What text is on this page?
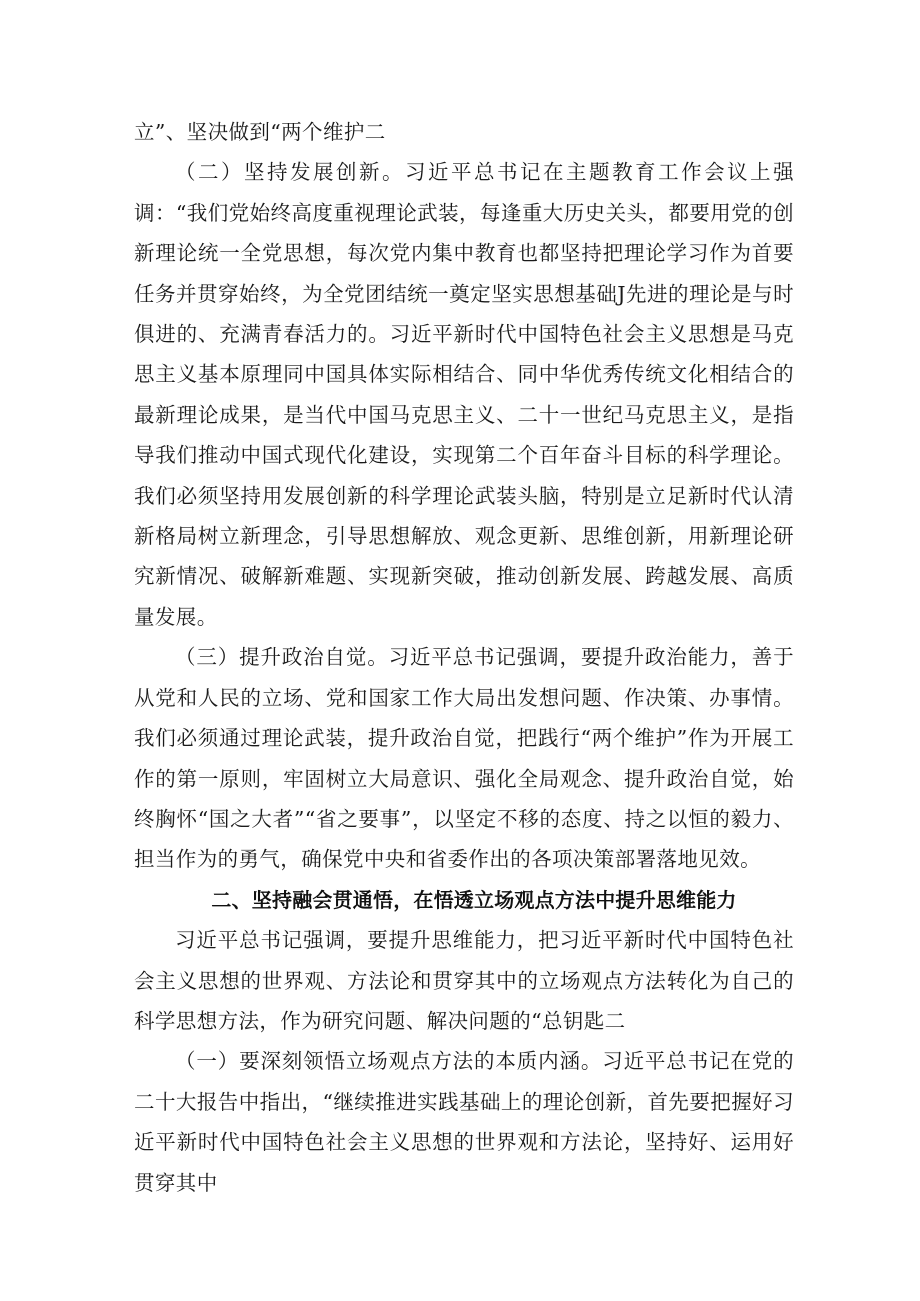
立”、坚决做到“两个维护二

（二）坚持发展创新。习近平总书记在主题教育工作会议上强调：“我们党始终高度重视理论武装，每逢重大历史关头，都要用党的创新理论统一全党思想，每次党内集中教育也都坚持把理论学习作为首要任务并贯穿始终，为全党团结统一奠定坚实思想基础J先进的理论是与时俱进的、充满青春活力的。习近平新时代中国特色社会主义思想是马克思主义基本原理同中国具体实际相结合、同中华优秀传统文化相结合的最新理论成果，是当代中国马克思主义、二十一世纪马克思主义，是指导我们推动中国式现代化建设，实现第二个百年奋斗目标的科学理论。我们必须坚持用发展创新的科学理论武装头脑，特别是立足新时代认清新格局树立新理念，引导思想解放、观念更新、思维创新，用新理论研究新情况、破解新难题、实现新突破，推动创新发展、跨越发展、高质量发展。

（三）提升政治自觉。习近平总书记强调，要提升政治能力，善于从党和人民的立场、党和国家工作大局出发想问题、作决策、办事情。我们必须通过理论武装，提升政治自觉，把践行“两个维护”作为开展工作的第一原则，牢固树立大局意识、强化全局观念、提升政治自觉，始终胸怀“国之大者”“省之要事”，以坚定不移的态度、持之以恒的毅力、担当作为的勇气，确保党中央和省委作出的各项决策部署落地见效。

二、坚持融会贯通悟，在悟透立场观点方法中提升思维能力

习近平总书记强调，要提升思维能力，把习近平新时代中国特色社会主义思想的世界观、方法论和贯穿其中的立场观点方法转化为自己的科学思想方法，作为研究问题、解决问题的“总钥匙二

（一）要深刻领悟立场观点方法的本质内涵。习近平总书记在党的二十大报告中指出，“继续推进实践基础上的理论创新，首先要把握好习近平新时代中国特色社会主义思想的世界观和方法论，坚持好、运用好贯穿其中
